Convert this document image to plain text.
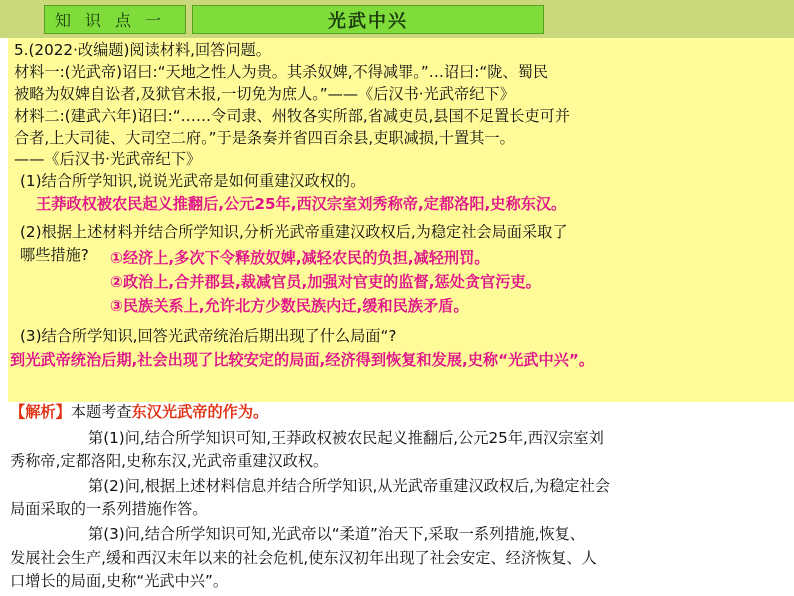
知识点一	光武中兴
5.(2022·改编题)阅读材料,回答问题。
材料一:(光武帝)诏曰:“天地之性人为贵。其杀奴婢,不得减罪。”…诏曰:“陇、蜀民
被略为奴婢自讼者,及狱官未报,一切免为庶人。”——《后汉书·光武帝纪下》
材料二:(建武六年)诏曰:“……令司隶、州牧各实所部,省减吏员,县国不足置长吏可并
合者,上大司徒、大司空二府。”于是条奏并省四百余县,吏职减损,十置其一。
——《后汉书·光武帝纪下》
(1)结合所学知识,说说光武帝是如何重建汉政权的。
王莽政权被农民起义推翻后,公元25年,西汉宗室刘秀称帝,定都洛阳,史称东汉。
(2)根据上述材料并结合所学知识,分析光武帝重建汉政权后,为稳定社会局面采取了
哪些措施? ①经济上,多次下令释放奴婢,减轻农民的负担,减轻刑罚。
②政治上,合并郡县,裁减官员,加强对官吏的监督,惩处贪官污吏。
③民族关系上,允许北方少数民族内迁,缓和民族矛盾。
(3)结合所学知识,回答光武帝统治后期出现了什么局面“?
到光武帝统治后期,社会出现了比较安定的局面,经济得到恢复和发展,史称“光武中兴”。
【解析】本题考查东汉光武帝的作为。
第(1)问,结合所学知识可知,王莽政权被农民起义推翻后,公元25年,西汉宗室刘
秀称帝,定都洛阳,史称东汉,光武帝重建汉政权。
第(2)问,根据上述材料信息并结合所学知识,从光武帝重建汉政权后,为稳定社会
局面采取的一系列措施作答。
第(3)问,结合所学知识可知,光武帝以“柔道”治天下,采取一系列措施,恢复、
发展社会生产,缓和西汉末年以来的社会危机,使东汉初年出现了社会安定、经济恢复、人
口增长的局面,史称“光武中兴”。
